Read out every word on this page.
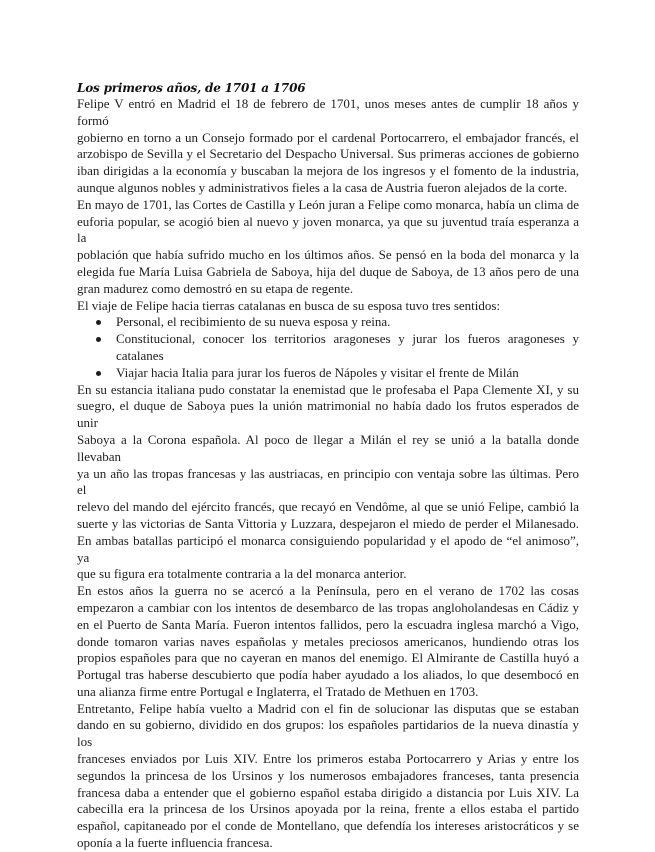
Los primeros años, de 1701 a 1706
Felipe V entró en Madrid el 18 de febrero de 1701, unos meses antes de cumplir 18 años y formó
gobierno en torno a un Consejo formado por el cardenal Portocarrero, el embajador francés, el
arzobispo de Sevilla y el Secretario del Despacho Universal. Sus primeras acciones de gobierno
iban dirigidas a la economía y buscaban la mejora de los ingresos y el fomento de la industria,
aunque algunos nobles y administrativos fieles a la casa de Austria fueron alejados de la corte.
En mayo de 1701, las Cortes de Castilla y León juran a Felipe como monarca, había un clima de
euforia popular, se acogió bien al nuevo y joven monarca, ya que su juventud traía esperanza a la
población que había sufrido mucho en los últimos años. Se pensó en la boda del monarca y la
elegida fue María Luisa Gabriela de Saboya, hija del duque de Saboya, de 13 años pero de una
gran madurez como demostró en su etapa de regente.
El viaje de Felipe hacia tierras catalanas en busca de su esposa tuvo tres sentidos:
Personal, el recibimiento de su nueva esposa y reina.
Constitucional, conocer los territorios aragoneses y jurar los fueros aragoneses y
catalanes
Viajar hacia Italia para jurar los fueros de Nápoles y visitar el frente de Milán
En su estancia italiana pudo constatar la enemistad que le profesaba el Papa Clemente XI, y su
suegro, el duque de Saboya pues la unión matrimonial no había dado los frutos esperados de unir
Saboya a la Corona española. Al poco de llegar a Milán el rey se unió a la batalla donde llevaban
ya un año las tropas francesas y las austriacas, en principio con ventaja sobre las últimas. Pero el
relevo del mando del ejército francés, que recayó en Vendôme, al que se unió Felipe, cambió la
suerte y las victorias de Santa Vittoria y Luzzara, despejaron el miedo de perder el Milanesado.
En ambas batallas participó el monarca consiguiendo popularidad y el apodo de “el animoso”, ya
que su figura era totalmente contraria a la del monarca anterior.
En estos años la guerra no se acercó a la Península, pero en el verano de 1702 las cosas
empezaron a cambiar con los intentos de desembarco de las tropas angloholandesas en Cádiz y
en el Puerto de Santa María. Fueron intentos fallidos, pero la escuadra inglesa marchó a Vigo,
donde tomaron varias naves españolas y metales preciosos americanos, hundiendo otras los
propios españoles para que no cayeran en manos del enemigo. El Almirante de Castilla huyó a
Portugal tras haberse descubierto que podía haber ayudado a los aliados, lo que desembocó en
una alianza firme entre Portugal e Inglaterra, el Tratado de Methuen en 1703.
Entretanto, Felipe había vuelto a Madrid con el fin de solucionar las disputas que se estaban
dando en su gobierno, dividido en dos grupos: los españoles partidarios de la nueva dinastía y los
franceses enviados por Luis XIV. Entre los primeros estaba Portocarrero y Arias y entre los
segundos la princesa de los Ursinos y los numerosos embajadores franceses, tanta presencia
francesa daba a entender que el gobierno español estaba dirigido a distancia por Luis XIV. La
cabecilla era la princesa de los Ursinos apoyada por la reina, frente a ellos estaba el partido
español, capitaneado por el conde de Montellano, que defendía los intereses aristocráticos y se
oponía a la fuerte influencia francesa.
